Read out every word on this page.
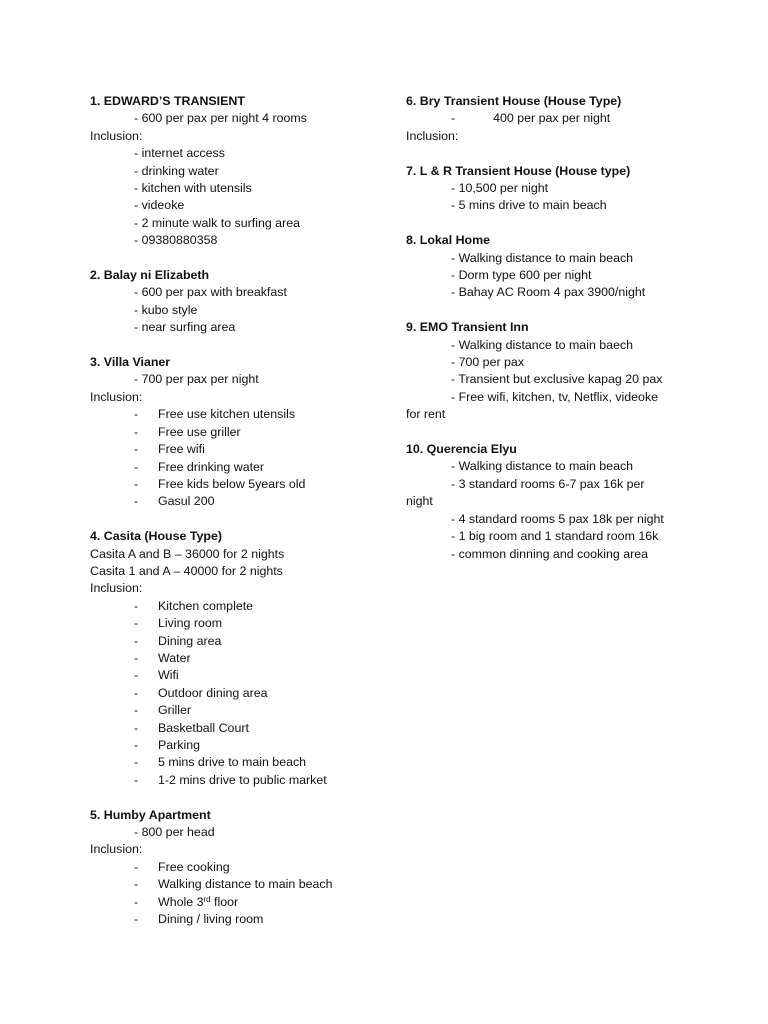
1. EDWARD’S TRANSIENT
- 600 per pax per night 4 rooms
Inclusion:
- internet access
- drinking water
- kitchen with utensils
- videoke
- 2 minute walk to surfing area
- 09380880358
2. Balay ni Elizabeth
- 600 per pax with breakfast
- kubo style
- near surfing area
3. Villa Vianer
- 700 per pax per night
Inclusion:
-	Free use kitchen utensils
-	Free use griller
-	Free wifi
-	Free drinking water
-	Free kids below 5years old
-	Gasul 200
4. Casita (House Type)
Casita A and B – 36000 for 2 nights
Casita 1 and A – 40000 for 2 nights
Inclusion:
-	Kitchen complete
-	Living room
-	Dining area
-	Water
-	Wifi
-	Outdoor dining area
-	Griller
-	Basketball Court
-	Parking
-	5 mins drive to main beach
-	1-2 mins drive to public market
5. Humby Apartment
- 800 per head
Inclusion:
-	Free cooking
-	Walking distance to main beach
-	Whole 3rd floor
-	Dining / living room
6. Bry Transient House (House Type)
-	400 per pax per night
Inclusion:
7. L & R Transient House (House type)
- 10,500 per night
- 5 mins drive to main beach
8. Lokal Home
- Walking distance to main beach
- Dorm type 600 per night
- Bahay AC Room 4 pax 3900/night
9. EMO Transient Inn
- Walking distance to main baech
- 700 per pax
- Transient but exclusive kapag 20 pax
- Free wifi, kitchen, tv, Netflix, videoke
for rent
10. Querencia Elyu
- Walking distance to main beach
- 3 standard rooms 6-7 pax 16k per
night
- 4 standard rooms 5 pax 18k per night
- 1 big room and 1 standard room 16k
- common dinning and cooking area
